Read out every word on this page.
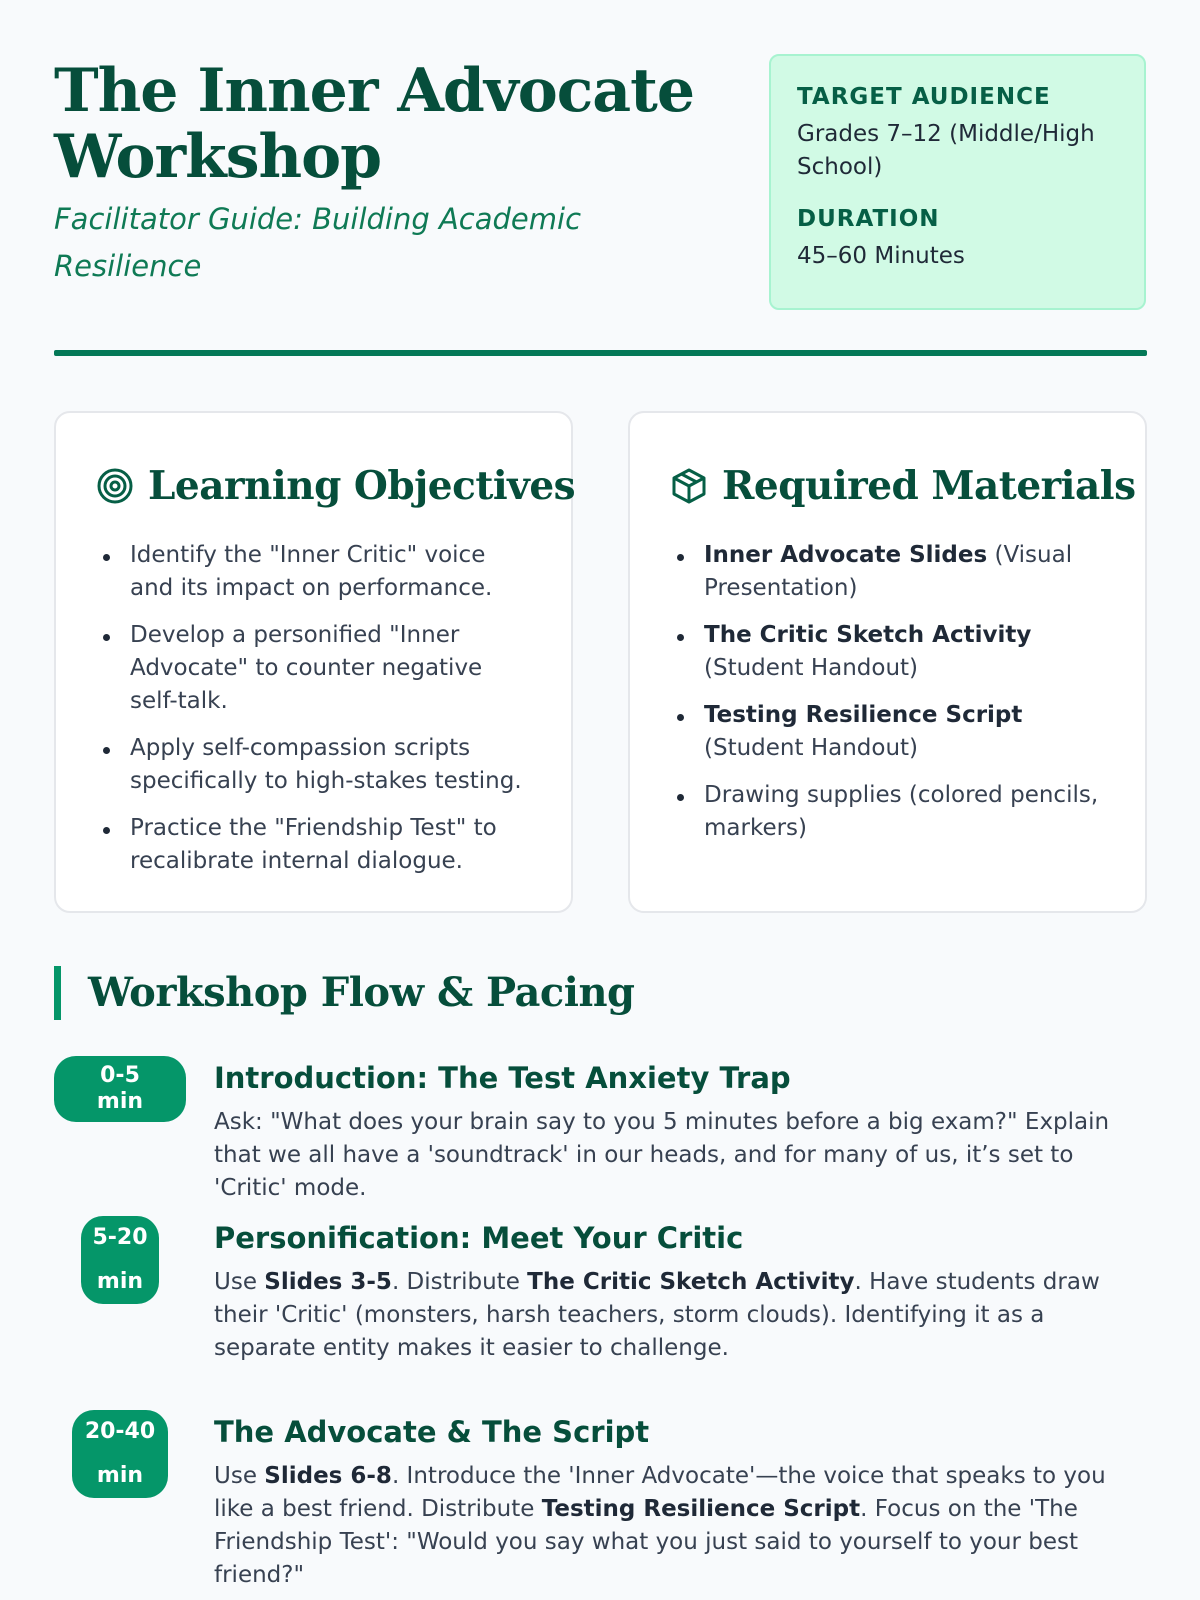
The Inner Advocate Workshop
Facilitator Guide: Building Academic Resilience
TARGET AUDIENCE
Grades 7–12 (Middle/High School)
DURATION
45–60 Minutes
Learning Objectives
Identify the "Inner Critic" voice and its impact on performance.
Develop a personified "Inner Advocate" to counter negative self-talk.
Apply self-compassion scripts specifically to high-stakes testing.
Practice the "Friendship Test" to recalibrate internal dialogue.
Required Materials
Inner Advocate Slides (Visual Presentation)
The Critic Sketch Activity (Student Handout)
Testing Resilience Script (Student Handout)
Drawing supplies (colored pencils, markers)
Workshop Flow & Pacing
0-5 min
Introduction: The Test Anxiety Trap
Ask: "What does your brain say to you 5 minutes before a big exam?" Explain that we all have a 'soundtrack' in our heads, and for many of us, it’s set to 'Critic' mode.
5-20 min
Personification: Meet Your Critic
Use Slides 3-5. Distribute The Critic Sketch Activity. Have students draw their 'Critic' (monsters, harsh teachers, storm clouds). Identifying it as a separate entity makes it easier to challenge.
20-40 min
The Advocate & The Script
Use Slides 6-8. Introduce the 'Inner Advocate'—the voice that speaks to you like a best friend. Distribute Testing Resilience Script. Focus on the 'The Friendship Test': "Would you say what you just said to yourself to your best friend?"
